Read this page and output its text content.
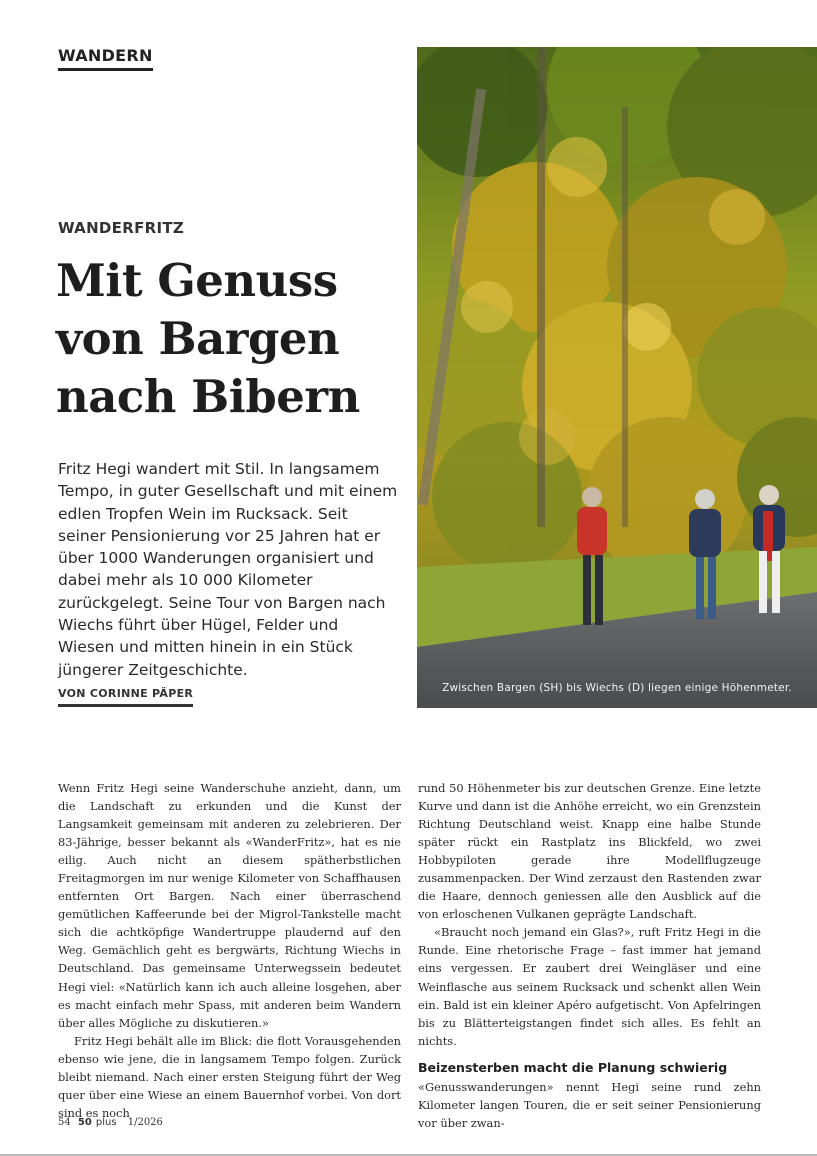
WANDERN
WANDERFRITZ
Mit Genuss
von Bargen
nach Bibern

Fritz Hegi wandert mit Stil. In langsamem Tempo, in guter Gesellschaft und mit einem edlen Tropfen Wein im Rucksack. Seit seiner Pensionierung vor 25 Jahren hat er über 1000 Wanderungen organisiert und dabei mehr als 10 000 Kilometer zurückgelegt. Seine Tour von Bargen nach Wiechs führt über Hügel, Felder und Wiesen und mitten hinein in ein Stück jüngerer Zeitgeschichte.

VON CORINNE PÄPER	Zwischen Bargen (SH) bis Wiechs (D) liegen einige Höhenmeter.

Wenn Fritz Hegi seine Wanderschuhe anzieht, dann, um die Landschaft zu erkunden und die Kunst der Langsamkeit gemeinsam mit anderen zu zelebrieren. Der 83-Jährige, besser bekannt als «WanderFritz», hat es nie eilig. Auch nicht an diesem spätherbstlichen Freitagmorgen im nur wenige Kilometer von Schaffhausen entfernten Ort Bargen. Nach einer überraschend gemütlichen Kaffeerunde bei der Migrol-Tankstelle macht sich die achtköpfige Wandertruppe plaudernd auf den Weg. Gemächlich geht es bergwärts, Richtung Wiechs in Deutschland. Das gemeinsame Unterwegssein bedeutet Hegi viel: «Natürlich kann ich auch alleine losgehen, aber es macht einfach mehr Spass, mit anderen beim Wandern über alles Mögliche zu diskutieren.»

Fritz Hegi behält alle im Blick: die flott Vorausgehenden ebenso wie jene, die in langsamem Tempo folgen. Zurück bleibt niemand. Nach einer ersten Steigung führt der Weg quer über eine Wiese an einem Bauernhof vorbei. Von dort sind es noch

rund 50 Höhenmeter bis zur deutschen Grenze. Eine letzte Kurve und dann ist die Anhöhe erreicht, wo ein Grenzstein Richtung Deutschland weist. Knapp eine halbe Stunde später rückt ein Rastplatz ins Blickfeld, wo zwei Hobbypiloten gerade ihre Modellflugzeuge zusammenpacken. Der Wind zerzaust den Rastenden zwar die Haare, dennoch geniessen alle den Ausblick auf die von erloschenen Vulkanen geprägte Landschaft.

«Braucht noch jemand ein Glas?», ruft Fritz Hegi in die Runde. Eine rhetorische Frage – fast immer hat jemand eins vergessen. Er zaubert drei Weingläser und eine Weinflasche aus seinem Rucksack und schenkt allen Wein ein. Bald ist ein kleiner Apéro aufgetischt. Von Apfelringen bis zu Blätterteigstangen findet sich alles. Es fehlt an nichts.

Beizensterben macht die Planung schwierig

«Genusswanderungen» nennt Hegi seine rund zehn Kilometer langen Touren, die er seit seiner Pensionierung vor über zwan-

54 50 plus 1/2026
